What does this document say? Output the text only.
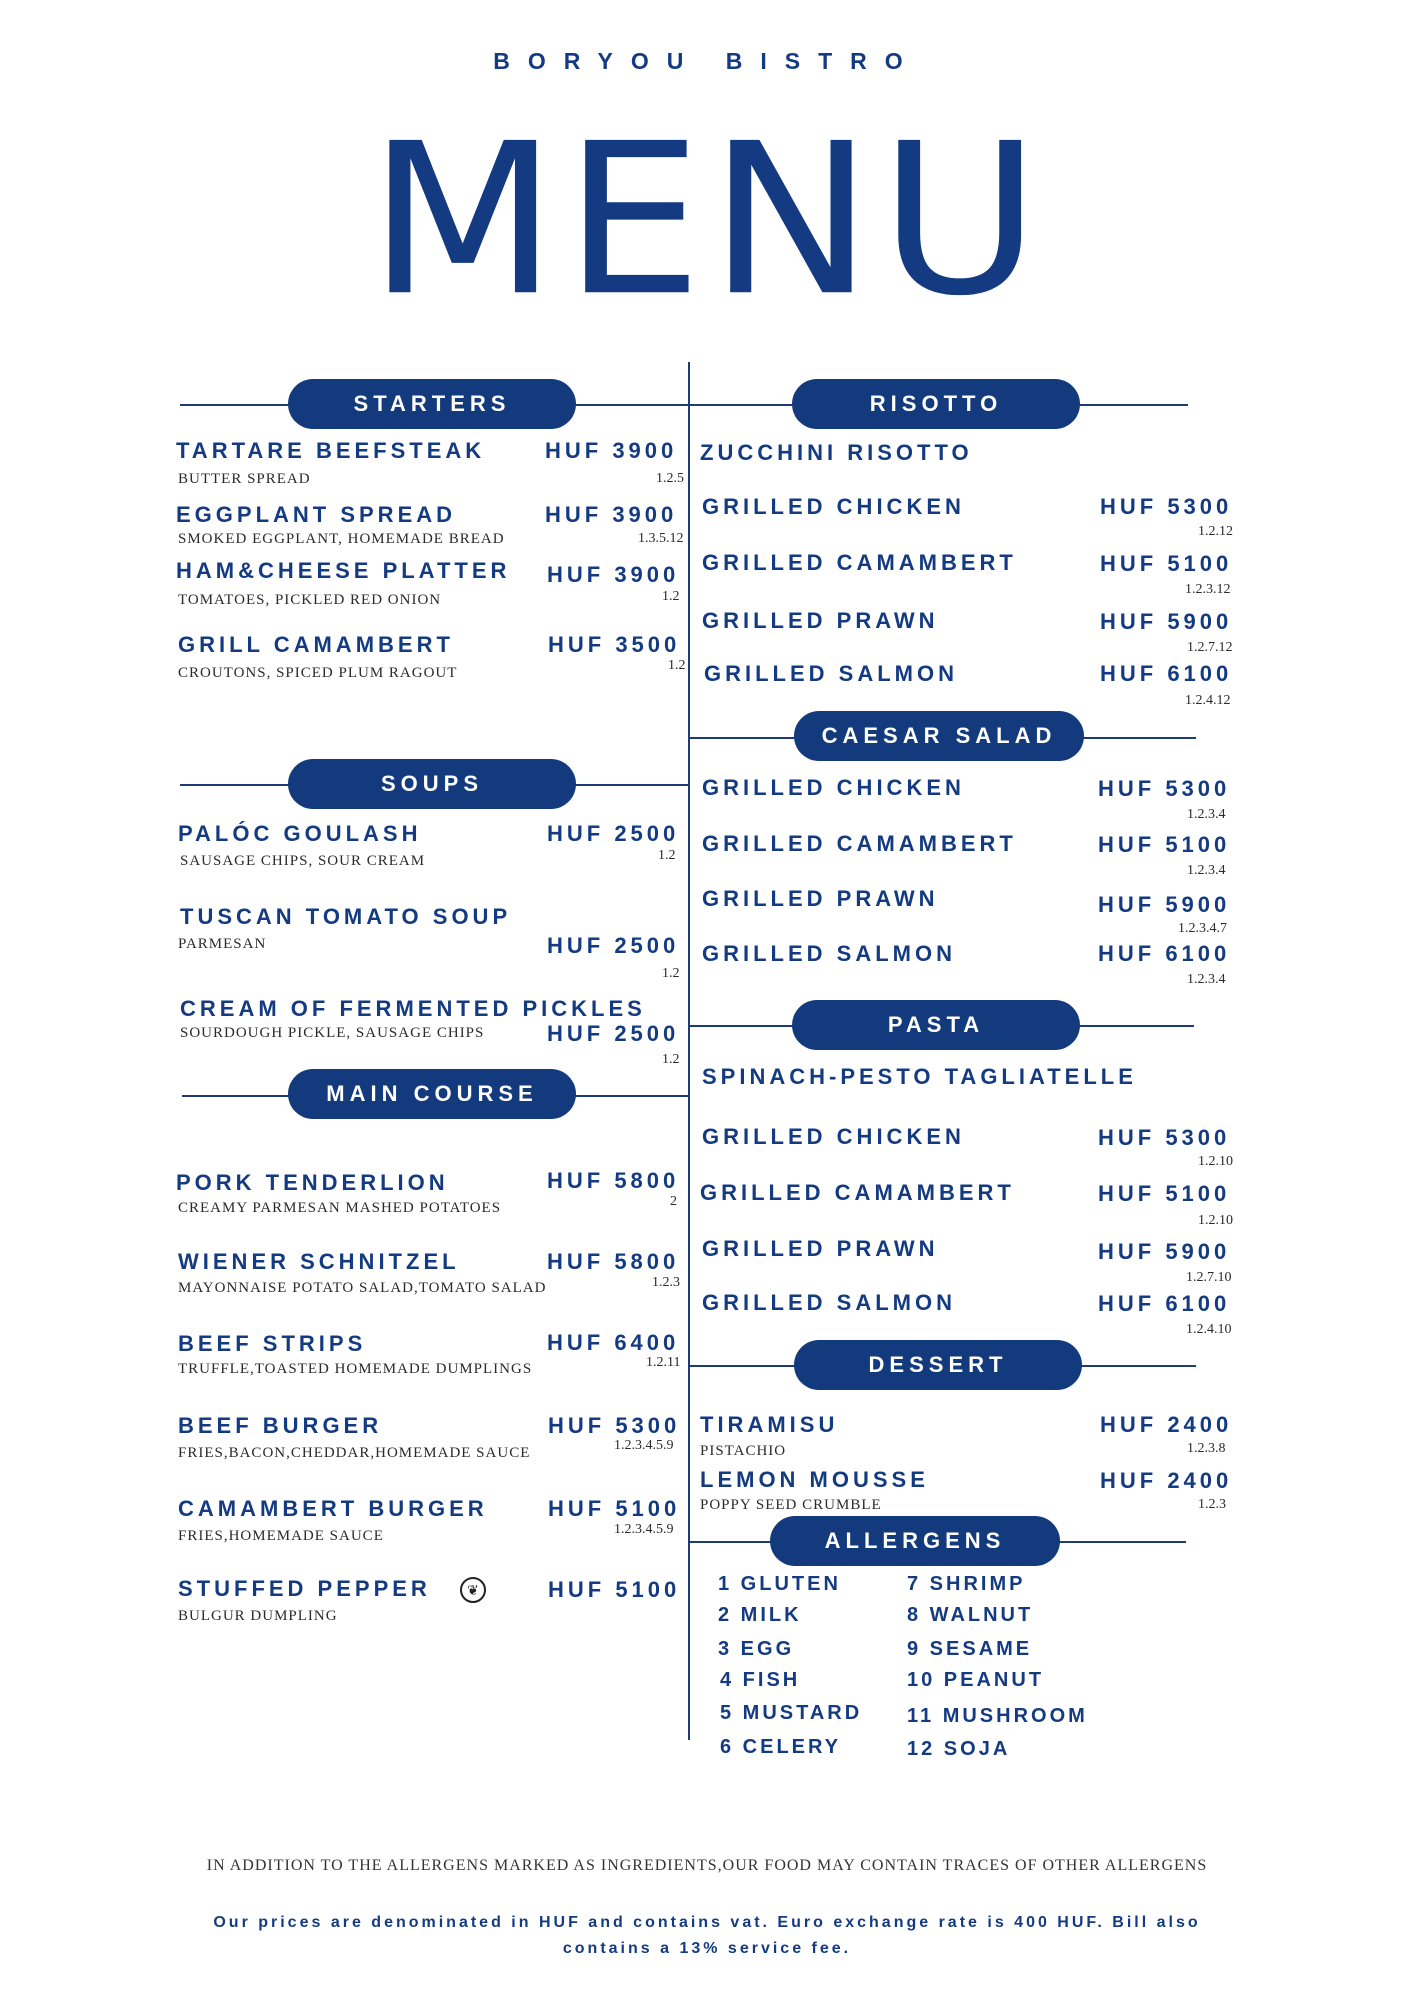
BORYOU BISTRO
MENU
STARTERS
TARTARE BEEFSTEAK	HUF 3900
BUTTER SPREAD	1.2.5
EGGPLANT SPREAD	HUF 3900
SMOKED EGGPLANT, HOMEMADE BREAD	1.3.5.12
HAM&CHEESE PLATTER HUF 3900
TOMATOES, PICKLED RED ONION	1.2
GRILL CAMAMBERT	HUF 3500
CROUTONS, SPICED PLUM RAGOUT	1.2
SOUPS
PALÓC GOULASH	HUF 2500
SAUSAGE CHIPS, SOUR CREAM	1.2
TUSCAN TOMATO SOUP
HUF 2500
PARMESAN
1.2
CREAM OF FERMENTED PICKLES
HUF 2500
SOURDOUGH PICKLE, SAUSAGE CHIPS
1.2
MAIN COURSE
PORK TENDERLION	HUF 5800
CREAMY PARMESAN MASHED POTATOES	2
WIENER SCHNITZEL	HUF 5800
MAYONNAISE POTATO SALAD,TOMATO SALAD	1.2.3
BEEF STRIPS	HUF 6400
TRUFFLE,TOASTED HOMEMADE DUMPLINGS	1.2.11
BEEF BURGER	HUF 5300
FRIES,BACON,CHEDDAR,HOMEMADE SAUCE	1.2.3.4.5.9
CAMAMBERT BURGER	HUF 5100
FRIES,HOMEMADE SAUCE	1.2.3.4.5.9
STUFFED PEPPER	❦	HUF 5100
BULGUR DUMPLING
RISOTTO
ZUCCHINI RISOTTO
GRILLED CHICKEN	HUF 5300
1.2.12
GRILLED CAMAMBERT	HUF 5100
1.2.3.12
GRILLED PRAWN	HUF 5900
1.2.7.12
GRILLED SALMON	HUF 6100
1.2.4.12
CAESAR SALAD
GRILLED CHICKEN	HUF 5300
1.2.3.4
GRILLED CAMAMBERT	HUF 5100
1.2.3.4
GRILLED PRAWN	HUF 5900
1.2.3.4.7
GRILLED SALMON	HUF 6100
1.2.3.4
PASTA
SPINACH-PESTO TAGLIATELLE
GRILLED CHICKEN	HUF 5300
1.2.10
GRILLED CAMAMBERT	HUF 5100
1.2.10
GRILLED PRAWN	HUF 5900
1.2.7.10
GRILLED SALMON	HUF 6100
1.2.4.10
DESSERT
TIRAMISU	HUF 2400
PISTACHIO	1.2.3.8
LEMON MOUSSE	HUF 2400
POPPY SEED CRUMBLE	1.2.3
ALLERGENS
1 GLUTEN
2 MILK
3 EGG
4 FISH
5 MUSTARD
6 CELERY
7 SHRIMP
8 WALNUT
9 SESAME
10 PEANUT
11 MUSHROOM
12 SOJA
IN ADDITION TO THE ALLERGENS MARKED AS INGREDIENTS,OUR FOOD MAY CONTAIN TRACES OF OTHER ALLERGENS
Our prices are denominated in HUF and contains vat. Euro exchange rate is 400 HUF. Bill also contains a 13% service fee.
